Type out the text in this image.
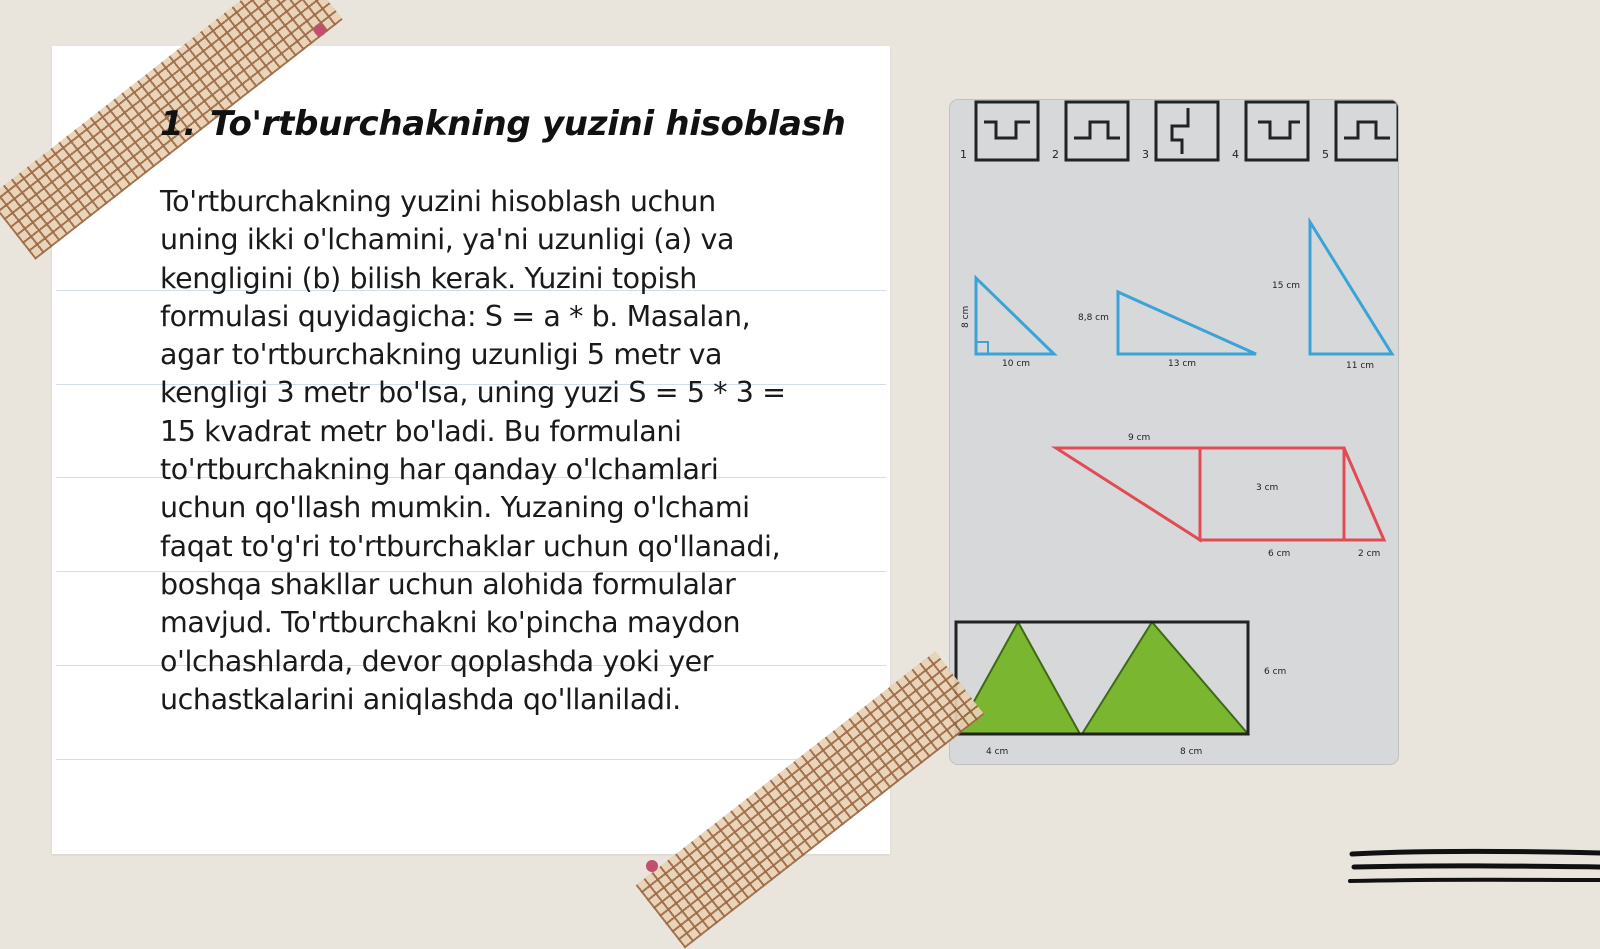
1. To'rtburchakning yuzini hisoblash

To'rtburchakning yuzini hisoblash uchun
uning ikki o'lchamini, ya'ni uzunligi (a) va
kengligini (b) bilish kerak. Yuzini topish
formulasi quyidagicha: S = a * b. Masalan,
agar to'rtburchakning uzunligi 5 metr va
kengligi 3 metr bo'lsa, uning yuzi S = 5 * 3 =
15 kvadrat metr bo'ladi. Bu formulani
to'rtburchakning har qanday o'lchamlari
uchun qo'llash mumkin. Yuzaning o'lchami
faqat to'g'ri to'rtburchaklar uchun qo'llanadi,
boshqa shakllar uchun alohida formulalar
mavjud. To'rtburchakni ko'pincha maydon
o'lchashlarda, devor qoplashda yoki yer
uchastkalarini aniqlashda qo'llaniladi.

1	2	3	4	5
8 cm
10 cm
8,8 cm
13 cm
15 cm
11 cm
9 cm
3 cm
6 cm	2 cm
6 cm
4 cm	8 cm
